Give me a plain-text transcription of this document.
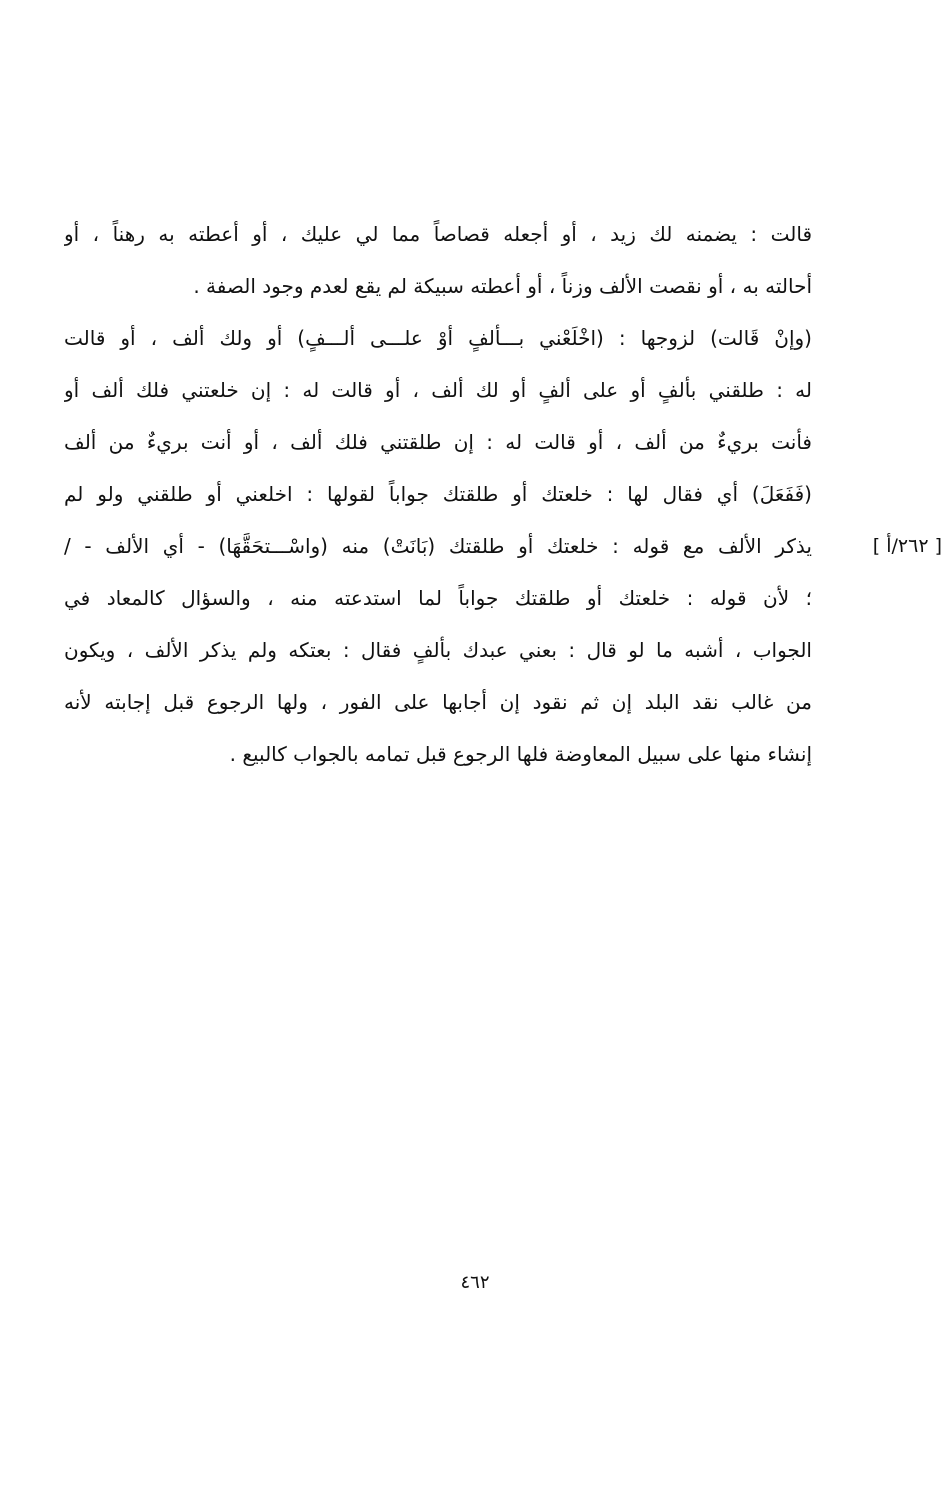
قالت : يضمنه لك زيد ، أو أجعله قصاصاً مما لي عليك ، أو أعطته به رهناً ، أو
أحالته به ، أو نقصت الألف وزناً ، أو أعطته سبيكة لم يقع لعدم وجود الصفة .
(وإنْ قَالت) لزوجها : (اخْلَعْني بـــألفٍ أوْ علـــى ألـــفٍ) أو ولك ألف ، أو قالت
له : طلقني بألفٍ أو على ألفٍ أو لك ألف ، أو قالت له : إن خلعتني فلك ألف أو
فأنت بريءٌ من ألف ، أو قالت له : إن طلقتني فلك ألف ، أو أنت بريءٌ من ألف
(فَفَعَلَ) أي فقال لها : خلعتك أو طلقتك جواباً لقولها : اخلعني أو طلقني ولو لم
يذكر الألف مع قوله : خلعتك أو طلقتك (بَانَتْ) منه (واسْـــتحَقَّهَا) - أي الألف - /
؛ لأن قوله : خلعتك أو طلقتك جواباً لما استدعته منه ، والسؤال كالمعاد في
الجواب ، أشبه ما لو قال : بعني عبدك بألفٍ فقال : بعتكه ولم يذكر الألف ، ويكون
من غالب نقد البلد إن ثم نقود إن أجابها على الفور ، ولها الرجوع قبل إجابته لأنه
إنشاء منها على سبيل المعاوضة فلها الرجوع قبل تمامه بالجواب كالبيع .
[ ٢٦٢/أ ]
٤٦٢
